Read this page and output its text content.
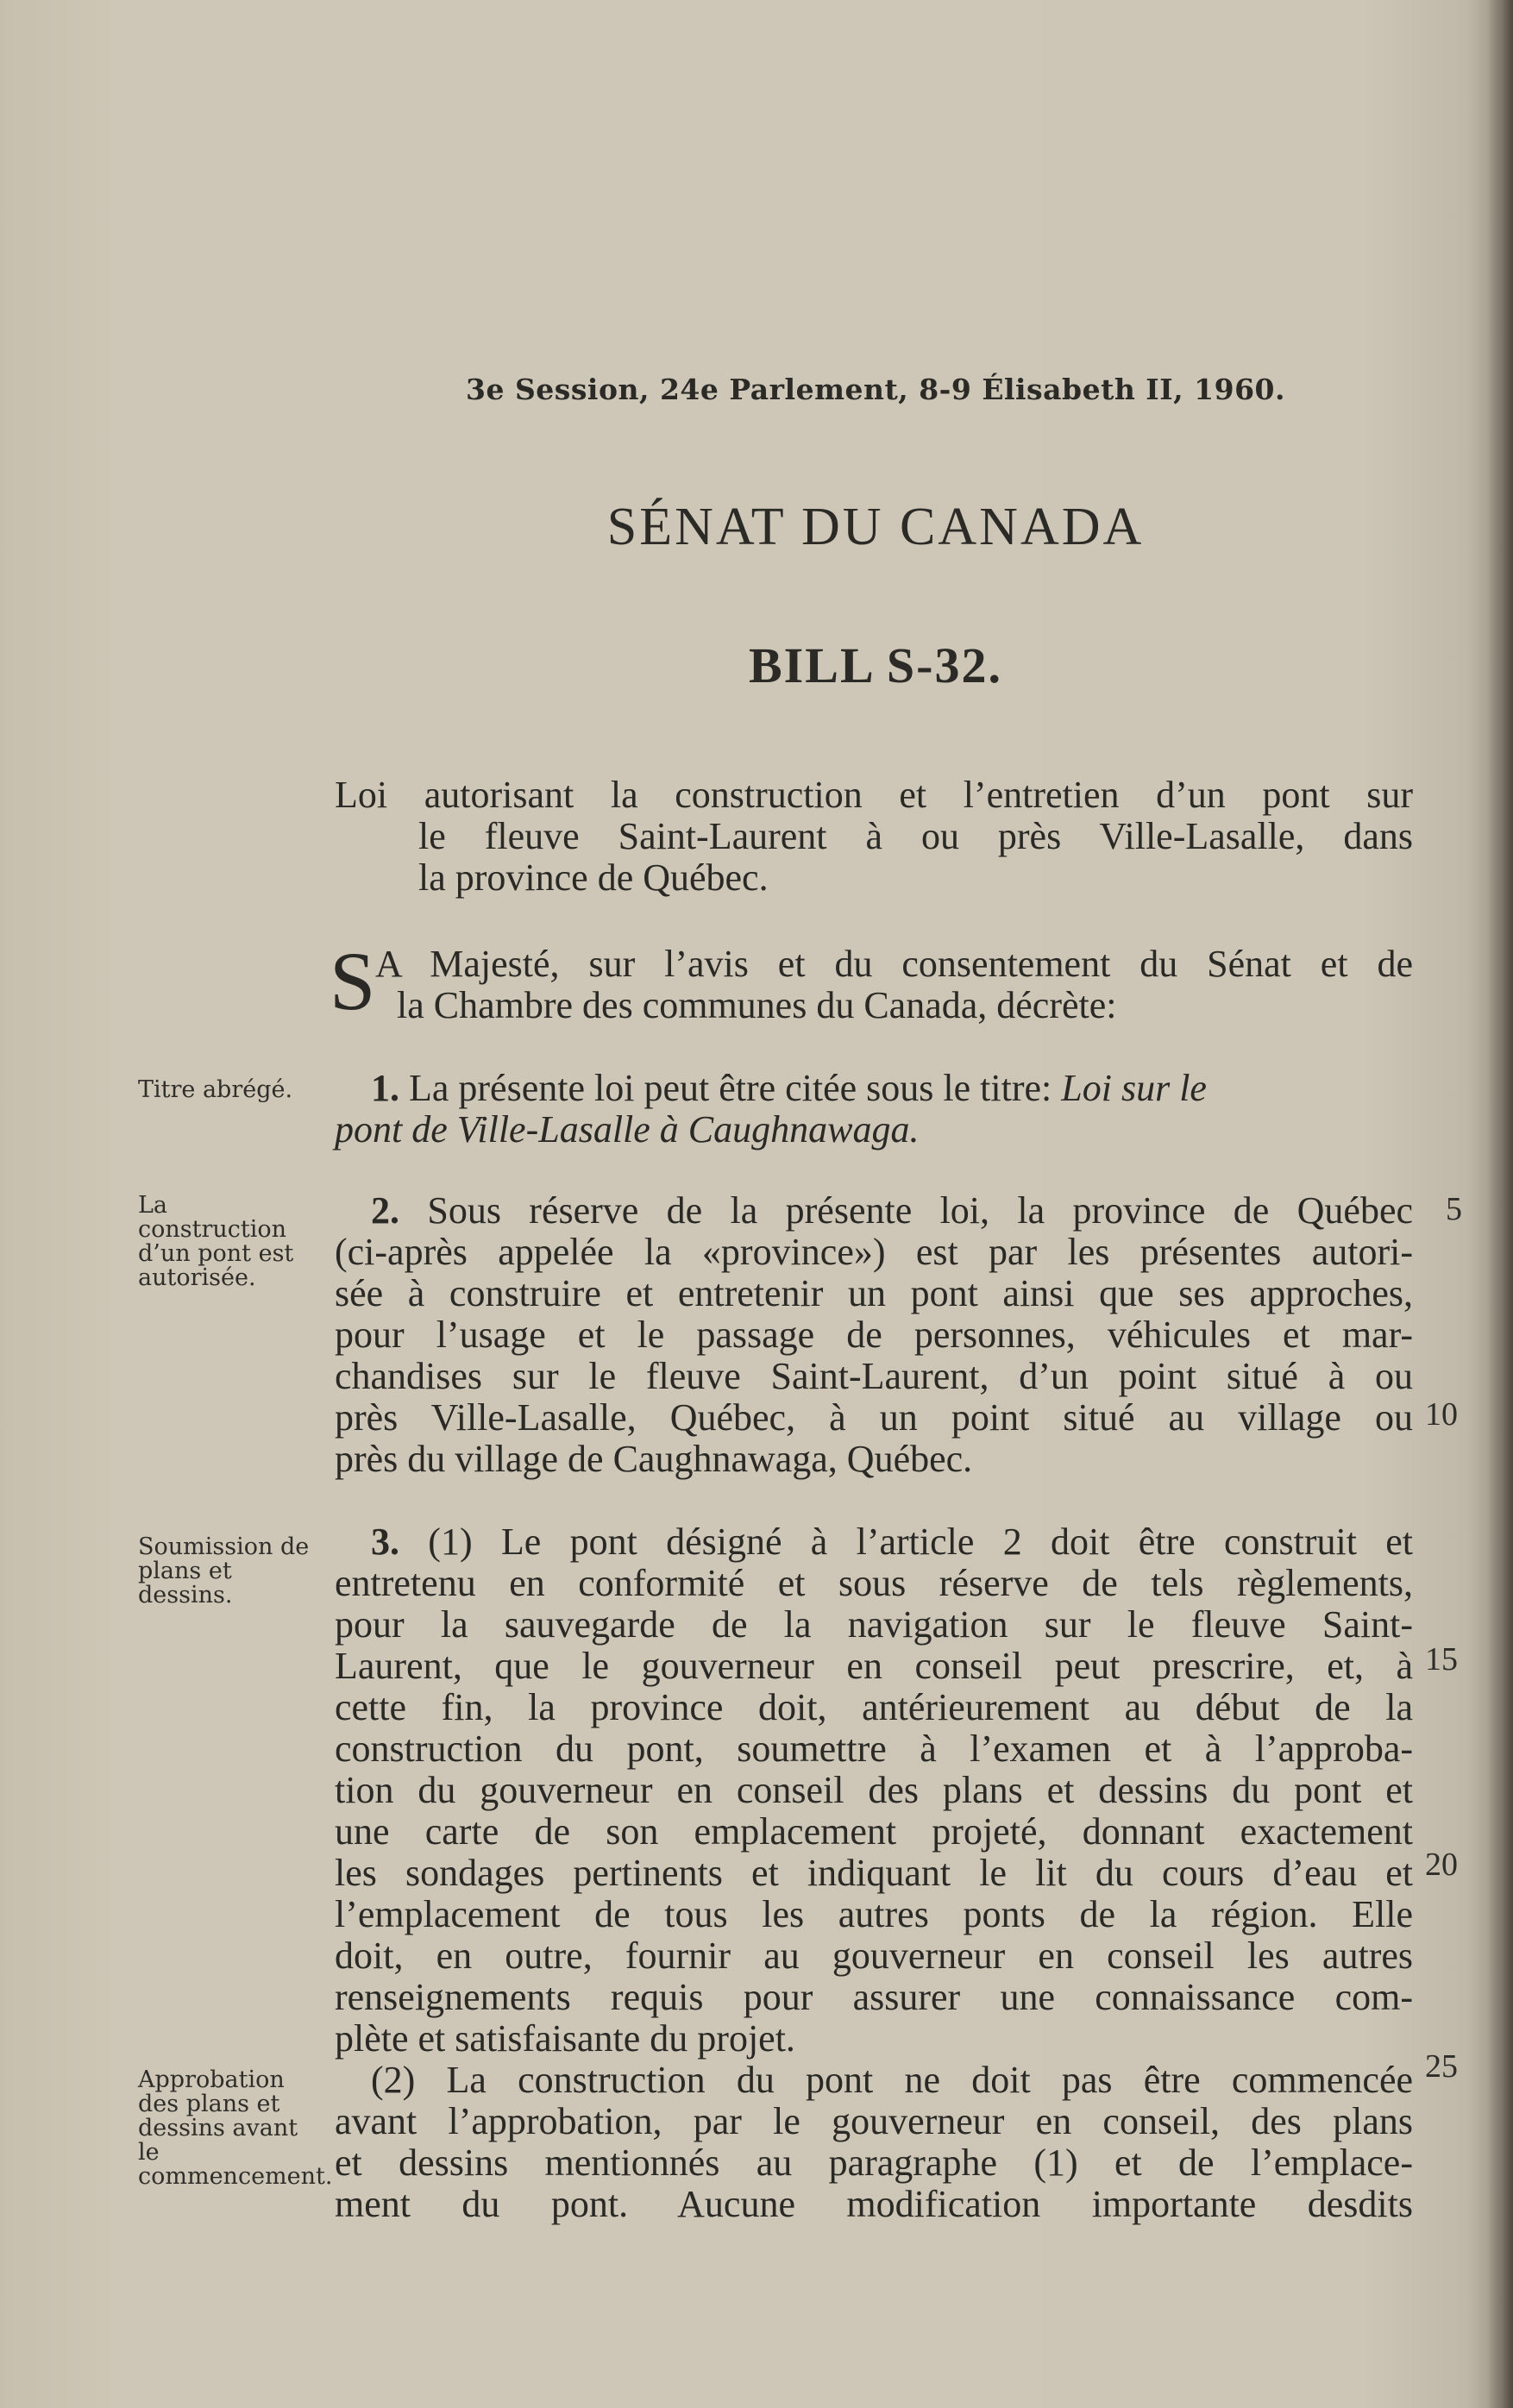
3e Session, 24e Parlement, 8-9 Élisabeth II, 1960.
SÉNAT DU CANADA
BILL S-32.
Loi autorisant la construction et l’entretien d’un pont sur
le fleuve Saint-Laurent à ou près Ville-Lasalle, dans
la province de Québec.
S A Majesté, sur l’avis et du consentement du Sénat et de
la Chambre des communes du Canada, décrète:
Titre abrégé.	1. La présente loi peut être citée sous le titre: Loi sur le
pont de Ville-Lasalle à Caughnawaga.
La construction d’un pont est autorisée.
2. Sous réserve de la présente loi, la province de Québec
(ci-après appelée la «province») est par les présentes autori-
sée à construire et entretenir un pont ainsi que ses approches,
pour l’usage et le passage de personnes, véhicules et mar-
chandises sur le fleuve Saint-Laurent, d’un point situé à ou
près Ville-Lasalle, Québec, à un point situé au village ou
près du village de Caughnawaga, Québec.
Soumission de plans et dessins.
3. (1) Le pont désigné à l’article 2 doit être construit et
entretenu en conformité et sous réserve de tels règlements,
pour la sauvegarde de la navigation sur le fleuve Saint-
Laurent, que le gouverneur en conseil peut prescrire, et, à
cette fin, la province doit, antérieurement au début de la
construction du pont, soumettre à l’examen et à l’approba-
tion du gouverneur en conseil des plans et dessins du pont et
une carte de son emplacement projeté, donnant exactement
les sondages pertinents et indiquant le lit du cours d’eau et
l’emplacement de tous les autres ponts de la région. Elle
doit, en outre, fournir au gouverneur en conseil les autres
renseignements requis pour assurer une connaissance com-
plète et satisfaisante du projet.
(2) La construction du pont ne doit pas être commencée
avant l’approbation, par le gouverneur en conseil, des plans
et dessins mentionnés au paragraphe (1) et de l’emplace-
ment du pont. Aucune modification importante desdits
Approbation des plans et dessins avant le commencement.
5
10
15
20
25
